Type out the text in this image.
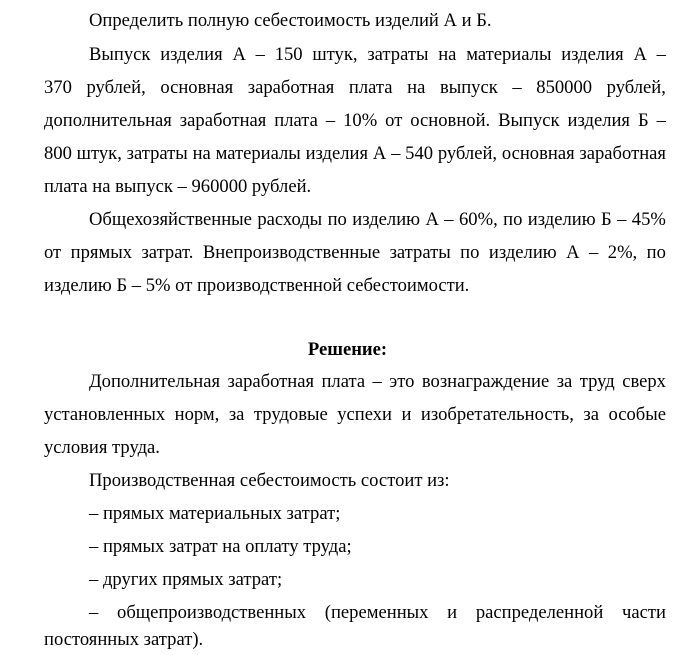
Определить полную себестоимость изделий А и Б.

Выпуск изделия А – 150 штук, затраты на материалы изделия А –
370 рублей, основная заработная плата на выпуск – 850000 рублей,
дополнительная заработная плата – 10% от основной. Выпуск изделия Б –
800 штук, затраты на материалы изделия А – 540 рублей, основная заработная

плата на выпуск – 960000 рублей.

Общехозяйственные расходы по изделию А – 60%, по изделию Б – 45%
от прямых затрат. Внепроизводственные затраты по изделию А – 2%, по

изделию Б – 5% от производственной себестоимости.

Решение:

Дополнительная заработная плата – это вознаграждение за труд сверх
установленных норм, за трудовые успехи и изобретательность, за особые

условия труда.

Производственная себестоимость состоит из:

– прямых материальных затрат;

– прямых затрат на оплату труда;

– других прямых затрат;

– общепроизводственных (переменных и распределенной части

постоянных затрат).
